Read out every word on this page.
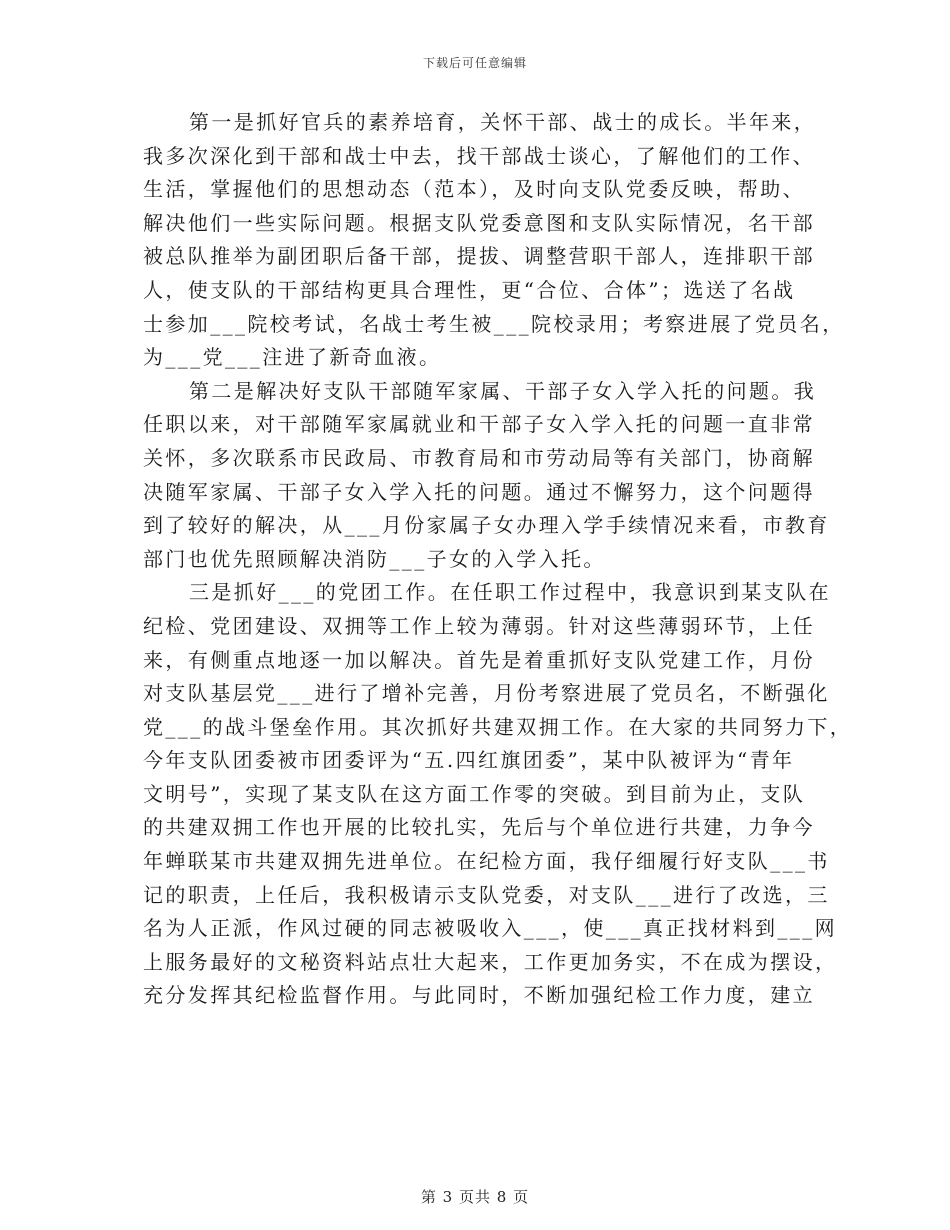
下载后可任意编辑
第一是抓好官兵的素养培育，关怀干部、战士的成长。半年来，
我多次深化到干部和战士中去，找干部战士谈心，了解他们的工作、
生活，掌握他们的思想动态（范本），及时向支队党委反映，帮助、
解决他们一些实际问题。根据支队党委意图和支队实际情况，名干部
被总队推举为副团职后备干部，提拔、调整营职干部人，连排职干部
人，使支队的干部结构更具合理性，更“合位、合体”；选送了名战
士参加___院校考试，名战士考生被___院校录用；考察进展了党员名，
为___党___注进了新奇血液。
第二是解决好支队干部随军家属、干部子女入学入托的问题。我
任职以来，对干部随军家属就业和干部子女入学入托的问题一直非常
关怀，多次联系市民政局、市教育局和市劳动局等有关部门，协商解
决随军家属、干部子女入学入托的问题。通过不懈努力，这个问题得
到了较好的解决，从___月份家属子女办理入学手续情况来看，市教育
部门也优先照顾解决消防___子女的入学入托。
三是抓好___的党团工作。在任职工作过程中，我意识到某支队在
纪检、党团建设、双拥等工作上较为薄弱。针对这些薄弱环节，上任
来，有侧重点地逐一加以解决。首先是着重抓好支队党建工作，月份
对支队基层党___进行了增补完善，月份考察进展了党员名，不断强化
党___的战斗堡垒作用。其次抓好共建双拥工作。在大家的共同努力下，
今年支队团委被市团委评为“五.四红旗团委”，某中队被评为“青年
文明号”，实现了某支队在这方面工作零的突破。到目前为止，支队
的共建双拥工作也开展的比较扎实，先后与个单位进行共建，力争今
年蝉联某市共建双拥先进单位。在纪检方面，我仔细履行好支队___书
记的职责，上任后，我积极请示支队党委，对支队___进行了改选，三
名为人正派，作风过硬的同志被吸收入___，使___真正找材料到___网
上服务最好的文秘资料站点壮大起来，工作更加务实，不在成为摆设，
充分发挥其纪检监督作用。与此同时，不断加强纪检工作力度，建立
第 3 页共 8 页
